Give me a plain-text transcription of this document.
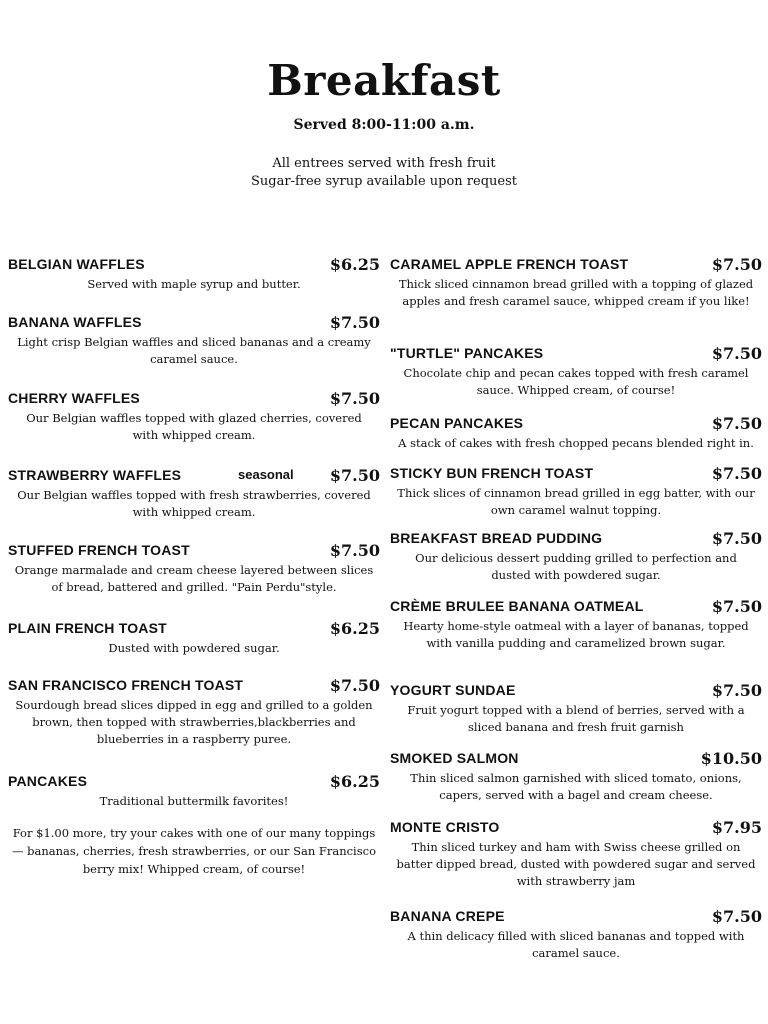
Breakfast
Served 8:00-11:00 a.m.
All entrees served with fresh fruit
Sugar-free syrup available upon request
BELGIAN WAFFLES	$6.25
Served with maple syrup and butter.
BANANA WAFFLES	$7.50
Light crisp Belgian waffles and sliced bananas and a creamy caramel sauce.
CHERRY WAFFLES	$7.50
Our Belgian waffles topped with glazed cherries, covered with whipped cream.
STRAWBERRY WAFFLES	seasonal $7.50
Our Belgian waffles topped with fresh strawberries, covered with whipped cream.
STUFFED FRENCH TOAST	$7.50
Orange marmalade and cream cheese layered between slices of bread, battered and grilled. "Pain Perdu"style.
PLAIN FRENCH TOAST	$6.25
Dusted with powdered sugar.
SAN FRANCISCO FRENCH TOAST	$7.50
Sourdough bread slices dipped in egg and grilled to a golden brown, then topped with strawberries,blackberries and blueberries in a raspberry puree.
PANCAKES	$6.25
Traditional buttermilk favorites!
For $1.00 more, try your cakes with one of our many toppings— bananas, cherries, fresh strawberries, or our San Francisco berry mix! Whipped cream, of course!
CARAMEL APPLE FRENCH TOAST	$7.50
Thick sliced cinnamon bread grilled with a topping of glazed apples and fresh caramel sauce, whipped cream if you like!
"TURTLE" PANCAKES	$7.50
Chocolate chip and pecan cakes topped with fresh caramel sauce. Whipped cream, of course!
PECAN PANCAKES	$7.50
A stack of cakes with fresh chopped pecans blended right in.
STICKY BUN FRENCH TOAST	$7.50
Thick slices of cinnamon bread grilled in egg batter, with our own caramel walnut topping.
BREAKFAST BREAD PUDDING	$7.50
Our delicious dessert pudding grilled to perfection and dusted with powdered sugar.
CRÈME BRULEE BANANA OATMEAL	$7.50
Hearty home-style oatmeal with a layer of bananas, topped with vanilla pudding and caramelized brown sugar.
YOGURT SUNDAE	$7.50
Fruit yogurt topped with a blend of berries, served with a sliced banana and fresh fruit garnish
SMOKED SALMON	$10.50
Thin sliced salmon garnished with sliced tomato, onions, capers, served with a bagel and cream cheese.
MONTE CRISTO	$7.95
Thin sliced turkey and ham with Swiss cheese grilled on batter dipped bread, dusted with powdered sugar and served with strawberry jam
BANANA CREPE	$7.50
A thin delicacy filled with sliced bananas and topped with caramel sauce.
